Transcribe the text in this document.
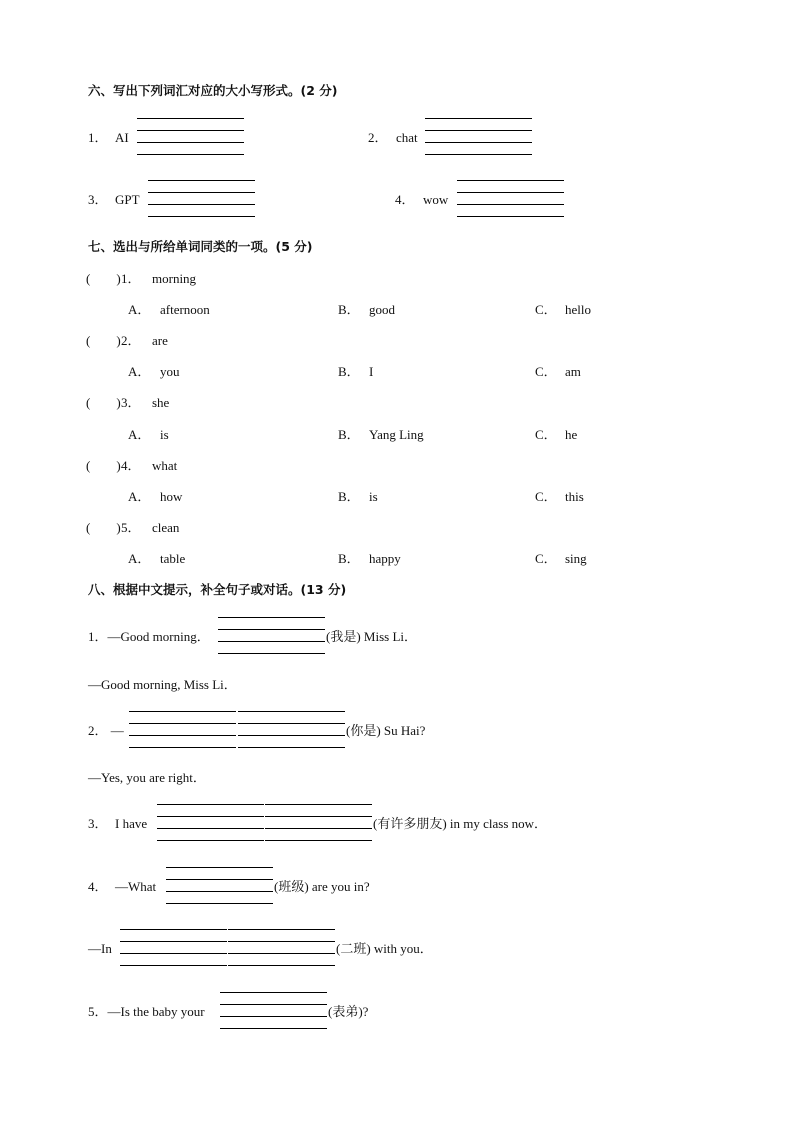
六、写出下列词汇对应的大小写形式。(2 分)
1． AI	2． chat
3． GPT	4． wow
七、选出与所给单词同类的一项。(5 分)
(　　) 1． morning
A． afternoon	B． good	C． hello
(　　) 2． are
A． you	B． I	C． am
(　　) 3． she
A． is	B． Yang Ling	C． he
(　　) 4． what
A． how	B． is	C． this
(　　) 5． clean
A． table	B． happy	C． sing
八、根据中文提示，补全句子或对话。(13 分)
1．—Good morning．	(我是) Miss Li．
—Good morning, Miss Li．
2． —	(你是) Su Hai?
—Yes, you are right．
3． I have	(有许多朋友) in my class now．
4． —What	(班级) are you in?
—In	(二班) with you．
5．—Is the baby your	(表弟)?
